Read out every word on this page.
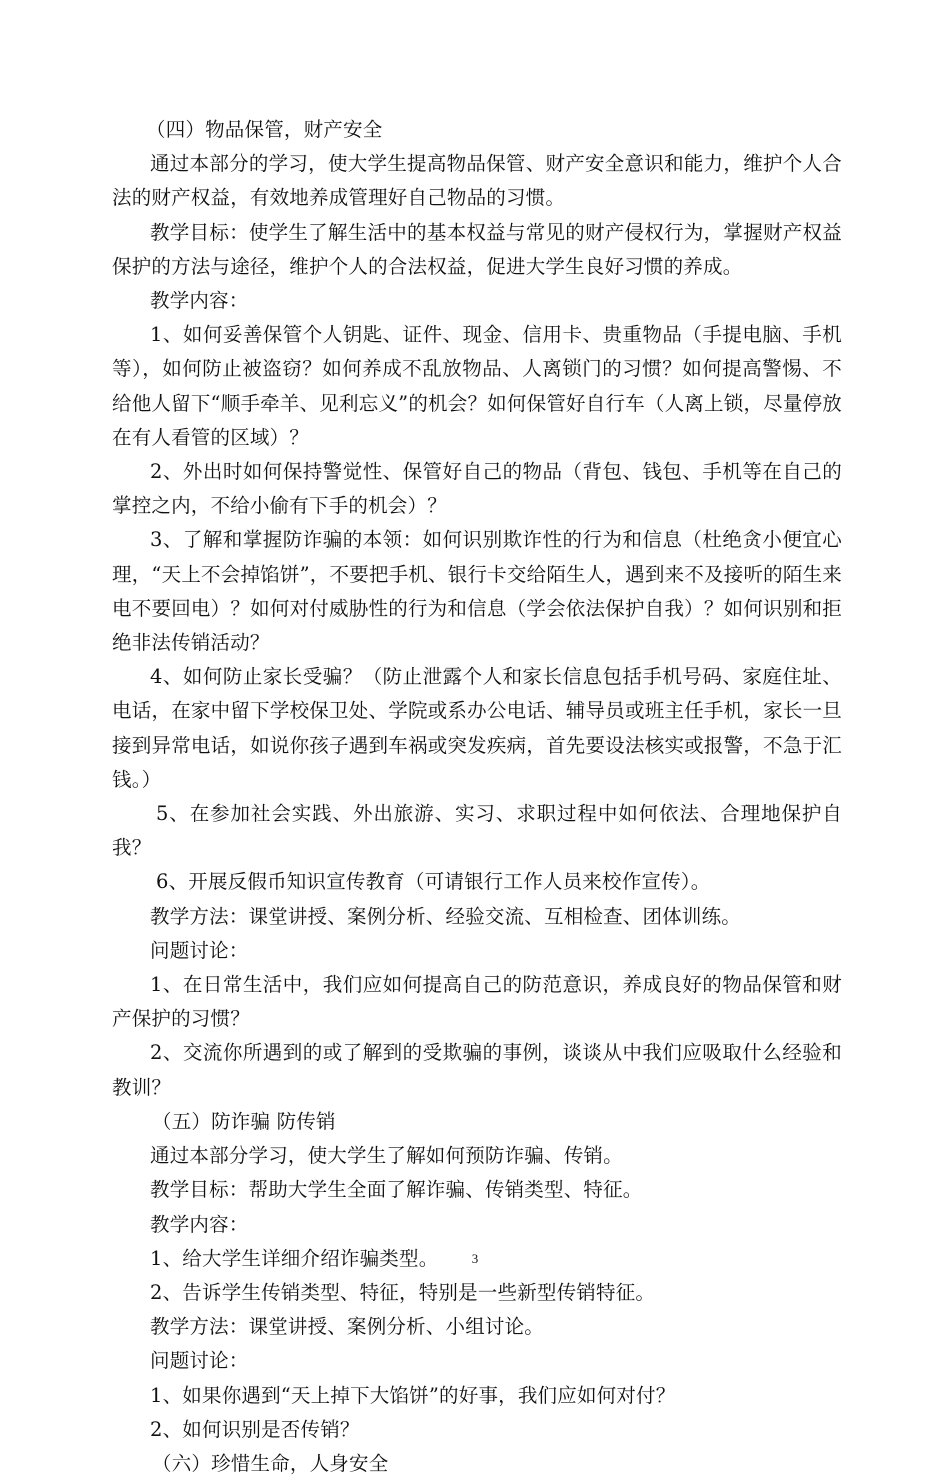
（四）物品保管，财产安全

通过本部分的学习，使大学生提高物品保管、财产安全意识和能力，维护个人合法的财产权益，有效地养成管理好自己物品的习惯。

教学目标：使学生了解生活中的基本权益与常见的财产侵权行为，掌握财产权益保护的方法与途径，维护个人的合法权益，促进大学生良好习惯的养成。

教学内容：

1、如何妥善保管个人钥匙、证件、现金、信用卡、贵重物品（手提电脑、手机等），如何防止被盗窃？如何养成不乱放物品、人离锁门的习惯？如何提高警惕、不给他人留下“顺手牵羊、见利忘义”的机会？如何保管好自行车（人离上锁，尽量停放在有人看管的区域）？

2、外出时如何保持警觉性、保管好自己的物品（背包、钱包、手机等在自己的掌控之内，不给小偷有下手的机会）？

3、了解和掌握防诈骗的本领：如何识别欺诈性的行为和信息（杜绝贪小便宜心理，“天上不会掉馅饼”，不要把手机、银行卡交给陌生人，遇到来不及接听的陌生来电不要回电）？如何对付威胁性的行为和信息（学会依法保护自我）？如何识别和拒绝非法传销活动？

4、如何防止家长受骗？（防止泄露个人和家长信息包括手机号码、家庭住址、电话，在家中留下学校保卫处、学院或系办公电话、辅导员或班主任手机，家长一旦接到异常电话，如说你孩子遇到车祸或突发疾病，首先要设法核实或报警，不急于汇钱。）

5、在参加社会实践、外出旅游、实习、求职过程中如何依法、合理地保护自我？

6、开展反假币知识宣传教育（可请银行工作人员来校作宣传）。

教学方法：课堂讲授、案例分析、经验交流、互相检查、团体训练。

问题讨论：

1、在日常生活中，我们应如何提高自己的防范意识，养成良好的物品保管和财产保护的习惯？

2、交流你所遇到的或了解到的受欺骗的事例，谈谈从中我们应吸取什么经验和教训？

（五）防诈骗 防传销

通过本部分学习，使大学生了解如何预防诈骗、传销。

教学目标：帮助大学生全面了解诈骗、传销类型、特征。

教学内容：

1、给大学生详细介绍诈骗类型。

2、告诉学生传销类型、特征，特别是一些新型传销特征。

教学方法：课堂讲授、案例分析、小组讨论。

问题讨论：

1、如果你遇到“天上掉下大馅饼”的好事，我们应如何对付？

2、如何识别是否传销？

（六）珍惜生命，人身安全

3
